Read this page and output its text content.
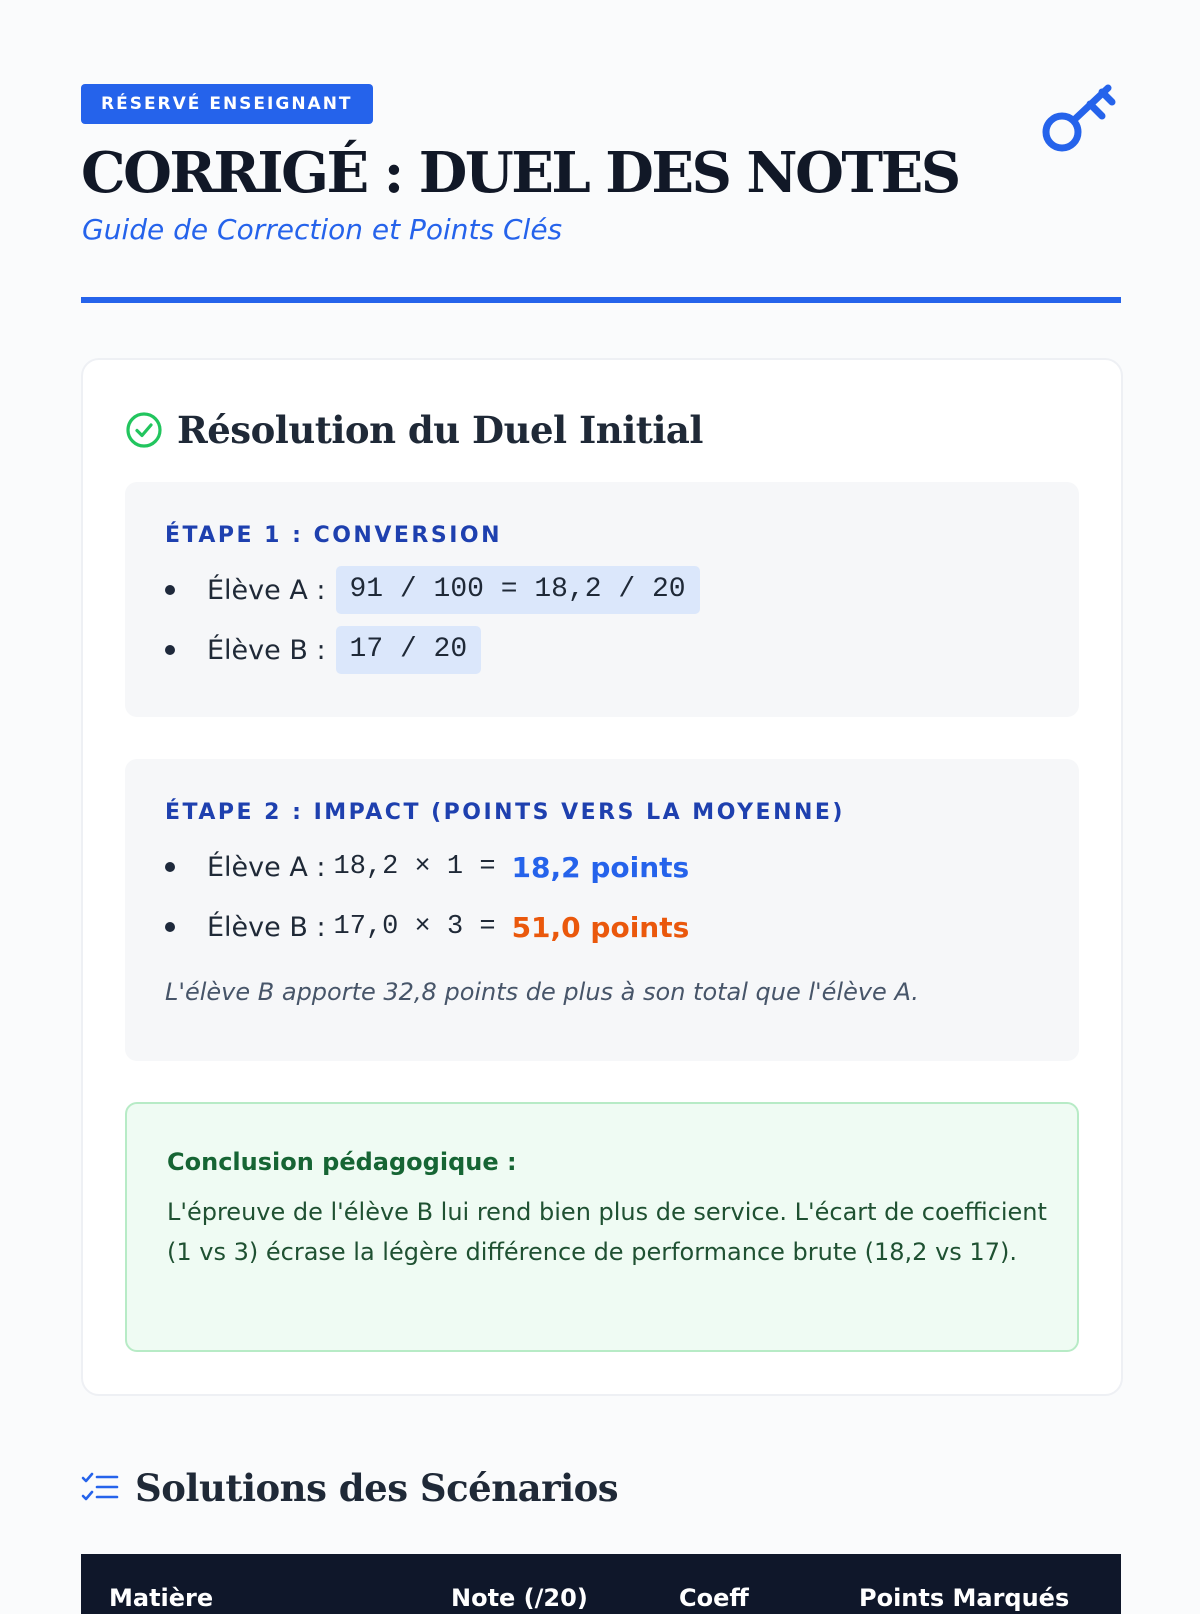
RÉSERVÉ ENSEIGNANT
CORRIGÉ : DUEL DES NOTES
Guide de Correction et Points Clés
Résolution du Duel Initial
ÉTAPE 1 : CONVERSION
Élève A : 91 / 100 = 18,2 / 20
Élève B : 17 / 20
ÉTAPE 2 : IMPACT (POINTS VERS LA MOYENNE)
Élève A : 18,2 × 1 = 18,2 points
Élève B : 17,0 × 3 = 51,0 points
L'élève B apporte 32,8 points de plus à son total que l'élève A.
Conclusion pédagogique :
L'épreuve de l'élève B lui rend bien plus de service. L'écart de coefficient (1 vs 3) écrase la légère différence de performance brute (18,2 vs 17).
Solutions des Scénarios
Matière	Note (/20)	Coeff	Points Marqués
